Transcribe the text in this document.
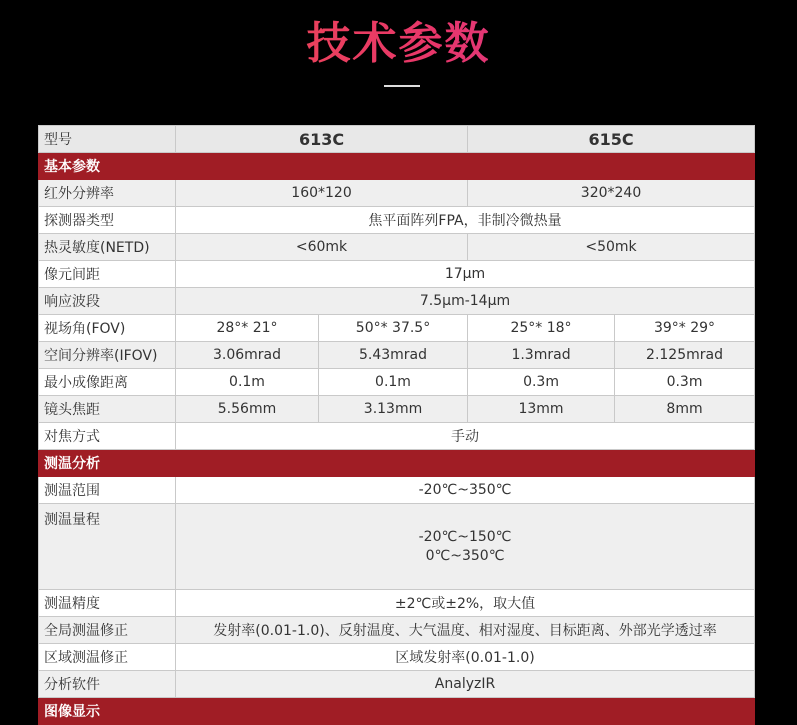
技术参数
型号	613C		615C	
基本参数				
红外分辨率	160*120		320*240	
探测器类型	焦平面阵列FPA，非制冷微热量			
热灵敏度(NETD)	<60mk		<50mk	
像元间距	17μm			
响应波段	7.5μm-14μm			
视场角(FOV)	28°* 21°	50°* 37.5°	25°* 18°	39°* 29°
空间分辨率(IFOV)	3.06mrad	5.43mrad	1.3mrad	2.125mrad
最小成像距离	0.1m	0.1m	0.3m	0.3m
镜头焦距	5.56mm	3.13mm	13mm	8mm
对焦方式	手动			
测温分析				
测温范围	-20℃~350℃			
测温量程	-20℃~150℃
0℃~350℃			

测温精度	±2℃或±2%，取大值			
全局测温修正	发射率(0.01-1.0)、反射温度、大气温度、相对湿度、目标距离、外部光学透过率			
区域测温修正	区域发射率(0.01-1.0)			
分析软件	AnalyzIR			
图像显示				
